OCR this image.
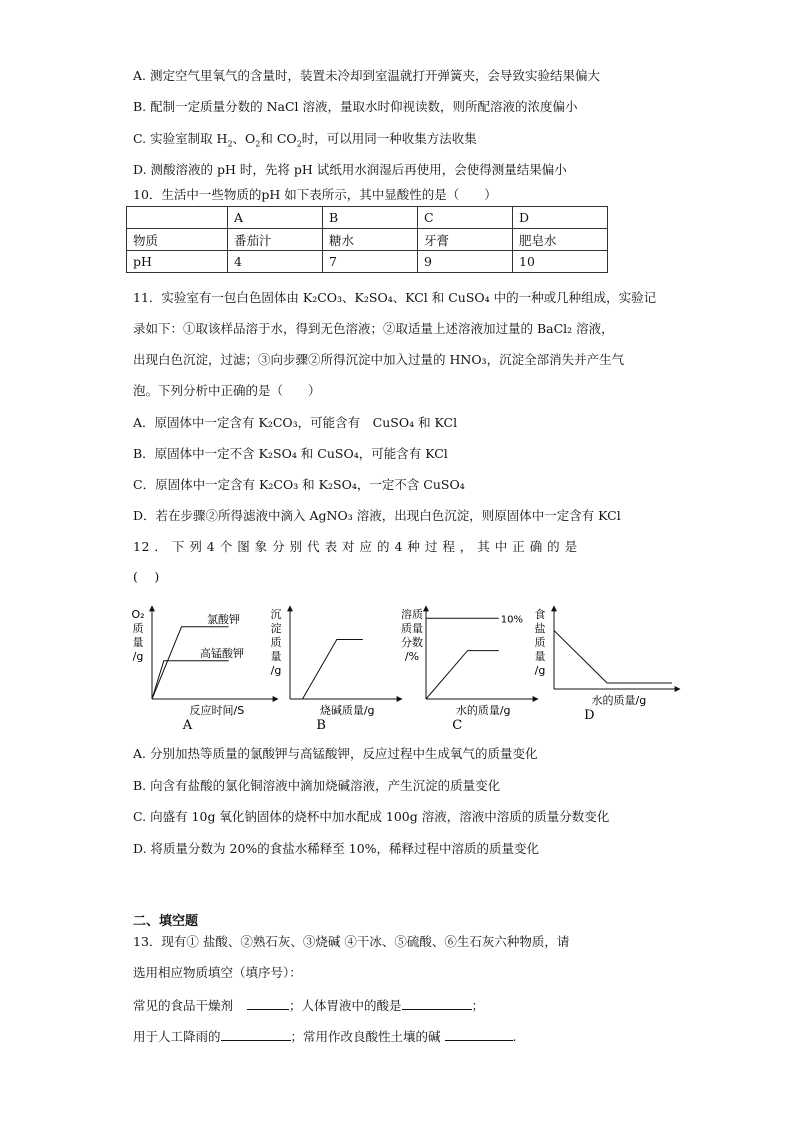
A. 测定空气里氧气的含量时，装置未冷却到室温就打开弹簧夹，会导致实验结果偏大
B. 配制一定质量分数的 NaCl 溶液，量取水时仰视读数，则所配溶液的浓度偏小
C. 实验室制取 $H_2$、$O_2$和 $CO_2$时，可以用同一种收集方法收集
D. 测酸溶液的 pH 时，先将 pH 试纸用水润湿后再使用，会使得测量结果偏小
10．生活中一些物质的pH 如下表所示，其中显酸性的是（　　）
	A	B	C	D
物质	番茄汁	糖水	牙膏	肥皂水
pH	4	7	9	10
11．实验室有一包白色固体由 K₂CO₃、K₂SO₄、KCl 和 CuSO₄ 中的一种或几种组成，实验记
录如下：①取该样品溶于水，得到无色溶液；②取适量上述溶液加过量的 BaCl₂ 溶液，
出现白色沉淀，过滤；③向步骤②所得沉淀中加入过量的 HNO₃，沉淀全部消失并产生气
泡。下列分析中正确的是（　　）
A．原固体中一定含有 K₂CO₃，可能含有　CuSO₄ 和 KCl
B．原固体中一定不含 K₂SO₄ 和 CuSO₄，可能含有 KCl
C．原固体中一定含有 K₂CO₃ 和 K₂SO₄，一定不含 CuSO₄
D．若在步骤②所得滤液中滴入 AgNO₃ 溶液，出现白色沉淀，则原固体中一定含有 KCl
12 ． 下 列 4 个 图 象 分 别 代 表 对 应 的 4 种 过 程 ， 其 中 正 确 的 是
(　 )
O₂
质
量
/g
反应时间/S
A
沉
淀
质
量
/g
烧碱质量/g
B
溶质
质量
分数
/%
水的质量/g
C
食
盐
质
量
/g
水的质量/g
D
氯酸钾
高锰酸钾
10%
A. 分别加热等质量的氯酸钾与高锰酸钾，反应过程中生成氧气的质量变化
B. 向含有盐酸的氯化铜溶液中滴加烧碱溶液，产生沉淀的质量变化
C. 向盛有 10g 氧化钠固体的烧杯中加水配成 100g 溶液，溶液中溶质的质量分数变化
D. 将质量分数为 20%的食盐水稀释至 10%，稀释过程中溶质的质量变化
二、填空题
13．现有① 盐酸、②熟石灰、③烧碱 ④干冰、⑤硫酸、⑥生石灰六种物质，请
选用相应物质填空（填序号）：
常见的食品干燥剂	；人体胃液中的酸是	；
用于人工降雨的	；常用作改良酸性土壤的碱	.
